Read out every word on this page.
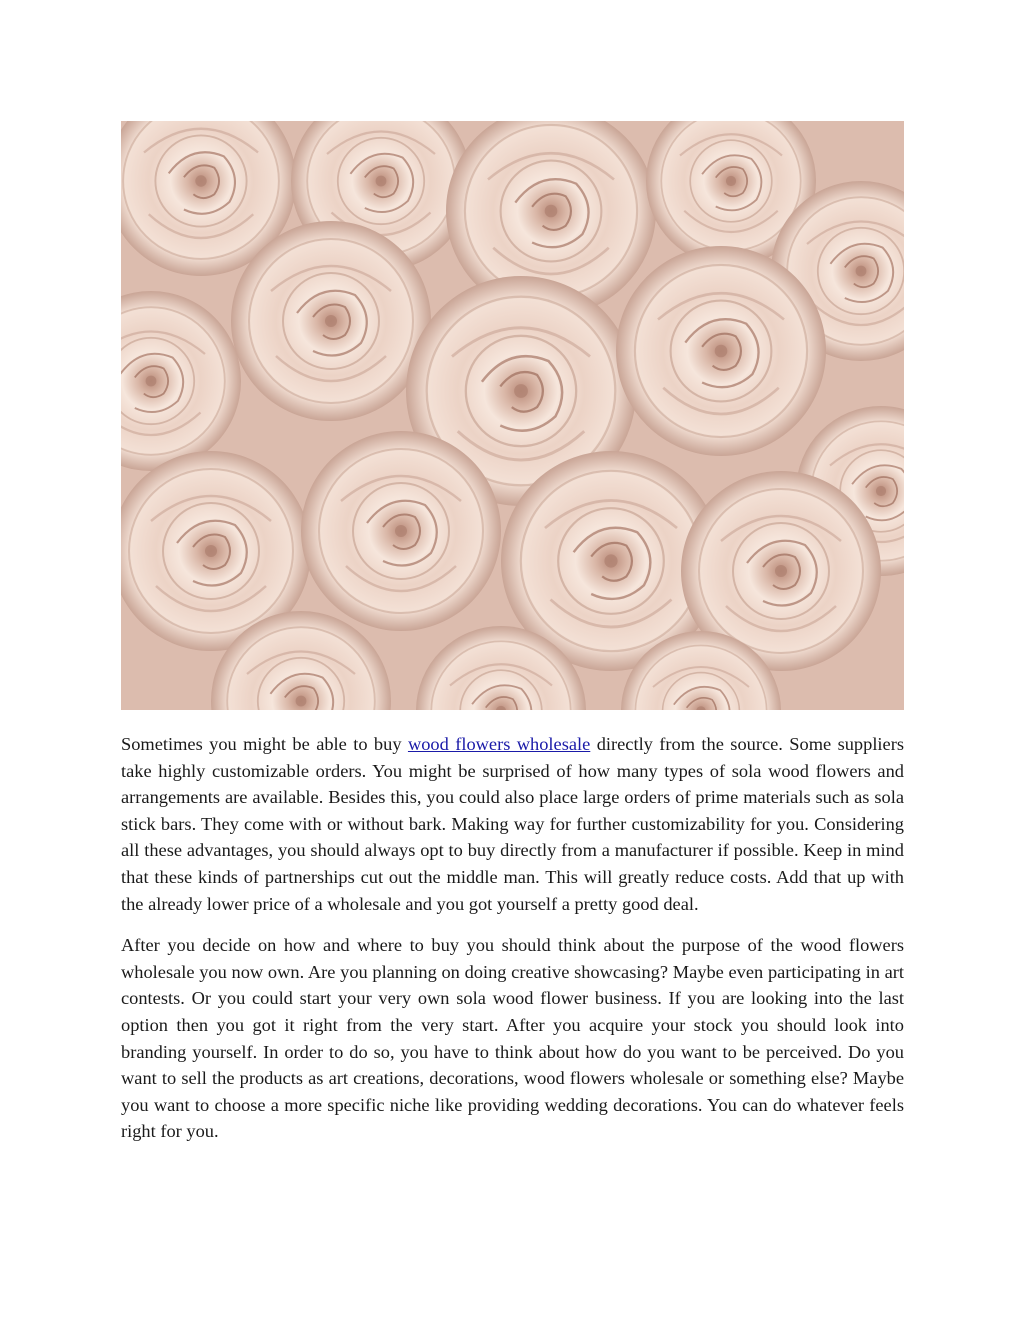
Sometimes you might be able to buy wood flowers wholesale directly from the source. Some suppliers take highly customizable orders. You might be surprised of how many types of sola wood flowers and arrangements are available. Besides this, you could also place large orders of prime materials such as sola stick bars. They come with or without bark. Making way for further customizability for you. Considering all these advantages, you should always opt to buy directly from a manufacturer if possible. Keep in mind that these kinds of partnerships cut out the middle man. This will greatly reduce costs. Add that up with the already lower price of a wholesale and you got yourself a pretty good deal.

After you decide on how and where to buy you should think about the purpose of the wood flowers wholesale you now own. Are you planning on doing creative showcasing? Maybe even participating in art contests. Or you could start your very own sola wood flower business. If you are looking into the last option then you got it right from the very start. After you acquire your stock you should look into branding yourself. In order to do so, you have to think about how do you want to be perceived. Do you want to sell the products as art creations, decorations, wood flowers wholesale or something else? Maybe you want to choose a more specific niche like providing wedding decorations. You can do whatever feels right for you.
